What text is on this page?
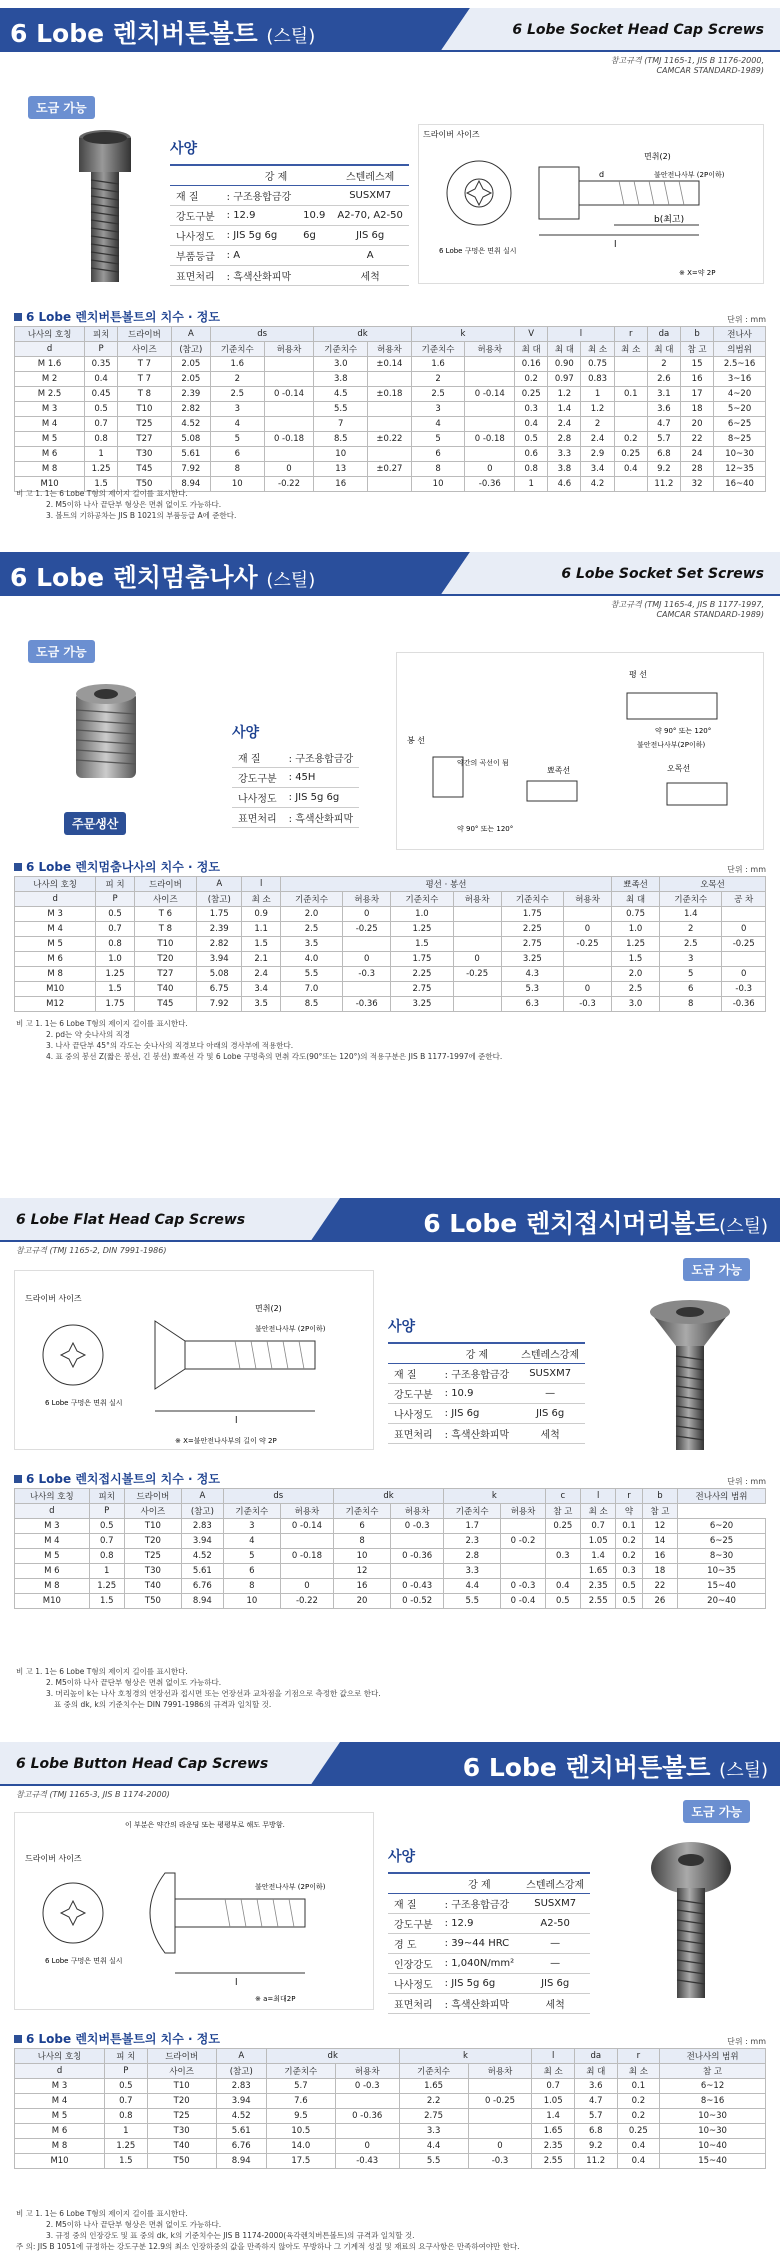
6 Lobe 렌치버튼볼트 (스틸)	6 Lobe Socket Head Cap Screws
참고규격 (TMJ 1165-1, JIS B 1176-2000,
CAMCAR STANDARD-1989)
도금 가능
사양
	강 제		스텐레스제
재 질	: 구조용합금강		SUSXM7
강도구분	: 12.9	10.9	A2-70, A2-50
나사정도	: JIS 5g 6g	6g	JIS 6g
부품등급	: A		A
표면처리	: 흑색산화피막		세척
l
b(최고)
d
면취(2)
불안전나사부 (2P이하)
드라이버 사이즈
6 Lobe 구멍은 면취 실시
※ X=약 2P
6 Lobe 렌치버튼볼트의 치수 · 정도	단위 : mm
나사의 호칭	피치	드라이버	A	ds		dk		k		V	l		r	da	b	전나사
d	P	사이즈	(참고)	기준치수	허용차	기준치수	허용차	기준치수	허용차	최 대	최 대	최 소	최 소	최 대	참 고	의범위
M 1.6	0.35	T 7	2.05	1.6		3.0	±0.14	1.6		0.16	0.90	0.75		2	15	2.5~16
M 2	0.4	T 7	2.05	2		3.8		2		0.2	0.97	0.83		2.6	16	3~16
M 2.5	0.45	T 8	2.39	2.5	0 -0.14	4.5	±0.18	2.5	0 -0.14	0.25	1.2	1	0.1	3.1	17	4~20
M 3	0.5	T10	2.82	3		5.5		3		0.3	1.4	1.2		3.6	18	5~20
M 4	0.7	T25	4.52	4		7		4		0.4	2.4	2		4.7	20	6~25
M 5	0.8	T27	5.08	5	0 -0.18	8.5	±0.22	5	0 -0.18	0.5	2.8	2.4	0.2	5.7	22	8~25
M 6	1	T30	5.61	6		10		6		0.6	3.3	2.9	0.25	6.8	24	10~30
M 8	1.25	T45	7.92	8	0	13	±0.27	8	0	0.8	3.8	3.4	0.4	9.2	28	12~35
M10	1.5	T50	8.94	10	-0.22	16		10	-0.36	1	4.6	4.2		11.2	32	16~40
비 고 1. 1는 6 Lobe T형의 제이지 길이를 표시한다.
2. M5이하 나사 끝단부 형상은 면취 없이도 가능하다.
3. 볼트의 기하공차는 JIS B 1021의 부품등급 A에 준한다.
6 Lobe 렌치멈춤나사 (스틸)	6 Lobe Socket Set Screws
참고규격 (TMJ 1165-4, JIS B 1177-1997,
CAMCAR STANDARD-1989)
도금 가능
주문생산
사양
재 질	: 구조용합금강
강도구분	: 45H
나사정도	: JIS 5g 6g
표면처리	: 흑색산화피막
평 선
봉 선
약간의 곡선이 됨
뾰족선	오목선
약 90° 또는 120°
불안전나사부(2P이하)
약 90° 또는 120°
6 Lobe 렌치멈춤나사의 치수 · 정도	단위 : mm
나사의 호칭	피 치	드라이버	A	l	평선 · 봉선						뾰족선	오목선	
d	P	사이즈	(참고)	최 소	기준치수	허용차	기준치수	허용차	기준치수	허용차	최 대	기준치수	공 차
M 3	0.5	T 6	1.75	0.9	2.0	0	1.0		1.75		0.75	1.4	
M 4	0.7	T 8	2.39	1.1	2.5	-0.25	1.25		2.25	0	1.0	2	0
M 5	0.8	T10	2.82	1.5	3.5		1.5		2.75	-0.25	1.25	2.5	-0.25
M 6	1.0	T20	3.94	2.1	4.0	0	1.75	0	3.25		1.5	3	
M 8	1.25	T27	5.08	2.4	5.5	-0.3	2.25	-0.25	4.3		2.0	5	0
M10	1.5	T40	6.75	3.4	7.0		2.75		5.3	0	2.5	6	-0.3
M12	1.75	T45	7.92	3.5	8.5	-0.36	3.25		6.3	-0.3	3.0	8	-0.36
비 고 1. 1는 6 Lobe T형의 제이지 길이를 표시한다.
2. pd는 약 숫나사의 직경
3. 나사 끝단부 45°의 각도는 숫나사의 직경보다 아래의 경사부에 적용한다.
4. 표 중의 봉선 Z(짧은 봉선, 긴 봉선) 뾰족선 각 및 6 Lobe 구멍축의 면취 각도(90°또는 120°)의 적용구분은 JIS B 1177-1997에 준한다.
6 Lobe Flat Head Cap Screws	6 Lobe 렌치접시머리볼트(스틸)
참고규격 (TMJ 1165-2, DIN 7991-1986)
도금 가능
l
드라이버 사이즈
6 Lobe 구멍은 면취 실시
면취(2)
불안전나사부 (2P이하)
※ X=불안전나사부의 길이 약 2P
사양
	강 제	스텐레스강제
재 질	: 구조용합금강	SUSXM7
강도구분	: 10.9	—
나사정도	: JIS 6g	JIS 6g
표면처리	: 흑색산화피막	세척
6 Lobe 렌치접시볼트의 치수 · 정도	단위 : mm
나사의 호칭	피치	드라이버	A	ds		dk		k		c	l	r	b	전나사의 범위
d	P	사이즈	(참고)	기준치수	허용차	기준치수	허용차	기준치수	허용차	참 고	최 소	약	참 고	
M 3	0.5	T10	2.83	3	0 -0.14	6	0 -0.3	1.7		0.25	0.7	0.1	12	6~20
M 4	0.7	T20	3.94	4		8		2.3	0 -0.2		1.05	0.2	14	6~25
M 5	0.8	T25	4.52	5	0 -0.18	10	0 -0.36	2.8		0.3	1.4	0.2	16	8~30
M 6	1	T30	5.61	6		12		3.3			1.65	0.3	18	10~35
M 8	1.25	T40	6.76	8	0	16	0 -0.43	4.4	0 -0.3	0.4	2.35	0.5	22	15~40
M10	1.5	T50	8.94	10	-0.22	20	0 -0.52	5.5	0 -0.4	0.5	2.55	0.5	26	20~40
비 고 1. 1는 6 Lobe T형의 제이지 길이를 표시한다.
2. M5이하 나사 끝단부 형상은 면취 없이도 가능하다.
3. 머리높이 k는 나사 호칭경의 연장선과 접시면 또는 연장선과 교차점을 기점으로 측정한 값으로 한다.
표 중의 dk, k의 기준치수는 DIN 7991-1986의 규격과 일치할 것.
6 Lobe Button Head Cap Screws	6 Lobe 렌치버튼볼트 (스틸)
참고규격 (TMJ 1165-3, JIS B 1174-2000)
도금 가능
l
이 부분은 약간의 라운딩 또는 평평부로 해도 무방함.
드라이버 사이즈
6 Lobe 구멍은 면취 실시
불안전나사부 (2P이하)
※ a=최대2P
사양
	강 제	스텐레스강제
재 질	: 구조용합금강	SUSXM7
강도구분	: 12.9	A2-50
경 도	: 39~44 HRC	—
인장강도	: 1,040N/mm²	—
나사정도	: JIS 5g 6g	JIS 6g
표면처리	: 흑색산화피막	세척
6 Lobe 렌치버튼볼트의 치수 · 정도	단위 : mm
나사의 호칭	피 치	드라이버	A	dk		k		l	da	r	전나사의 범위
d	P	사이즈	(참고)	기준치수	허용차	기준치수	허용차	최 소	최 대	최 소	참 고
M 3	0.5	T10	2.83	5.7	0 -0.3	1.65		0.7	3.6	0.1	6~12
M 4	0.7	T20	3.94	7.6		2.2	0 -0.25	1.05	4.7	0.2	8~16
M 5	0.8	T25	4.52	9.5	0 -0.36	2.75		1.4	5.7	0.2	10~30
M 6	1	T30	5.61	10.5		3.3		1.65	6.8	0.25	10~30
M 8	1.25	T40	6.76	14.0	0	4.4	0	2.35	9.2	0.4	10~40
M10	1.5	T50	8.94	17.5	-0.43	5.5	-0.3	2.55	11.2	0.4	15~40
비 고 1. 1는 6 Lobe T형의 제이지 길이를 표시한다.
2. M5이하 나사 끝단부 형상은 면취 없이도 가능하다.
3. 규정 중의 인장강도 및 표 중의 dk, k의 기준치수는 JIS B 1174-2000(육각렌치버튼볼트)의 규격과 일치할 것.
주 의: JIS B 1051에 규정하는 강도구분 12.9의 최소 인장하중의 값을 만족하지 않아도 무방하나 그 기계적 성질 및 재료의 요구사항은 만족하여야만 한다.
